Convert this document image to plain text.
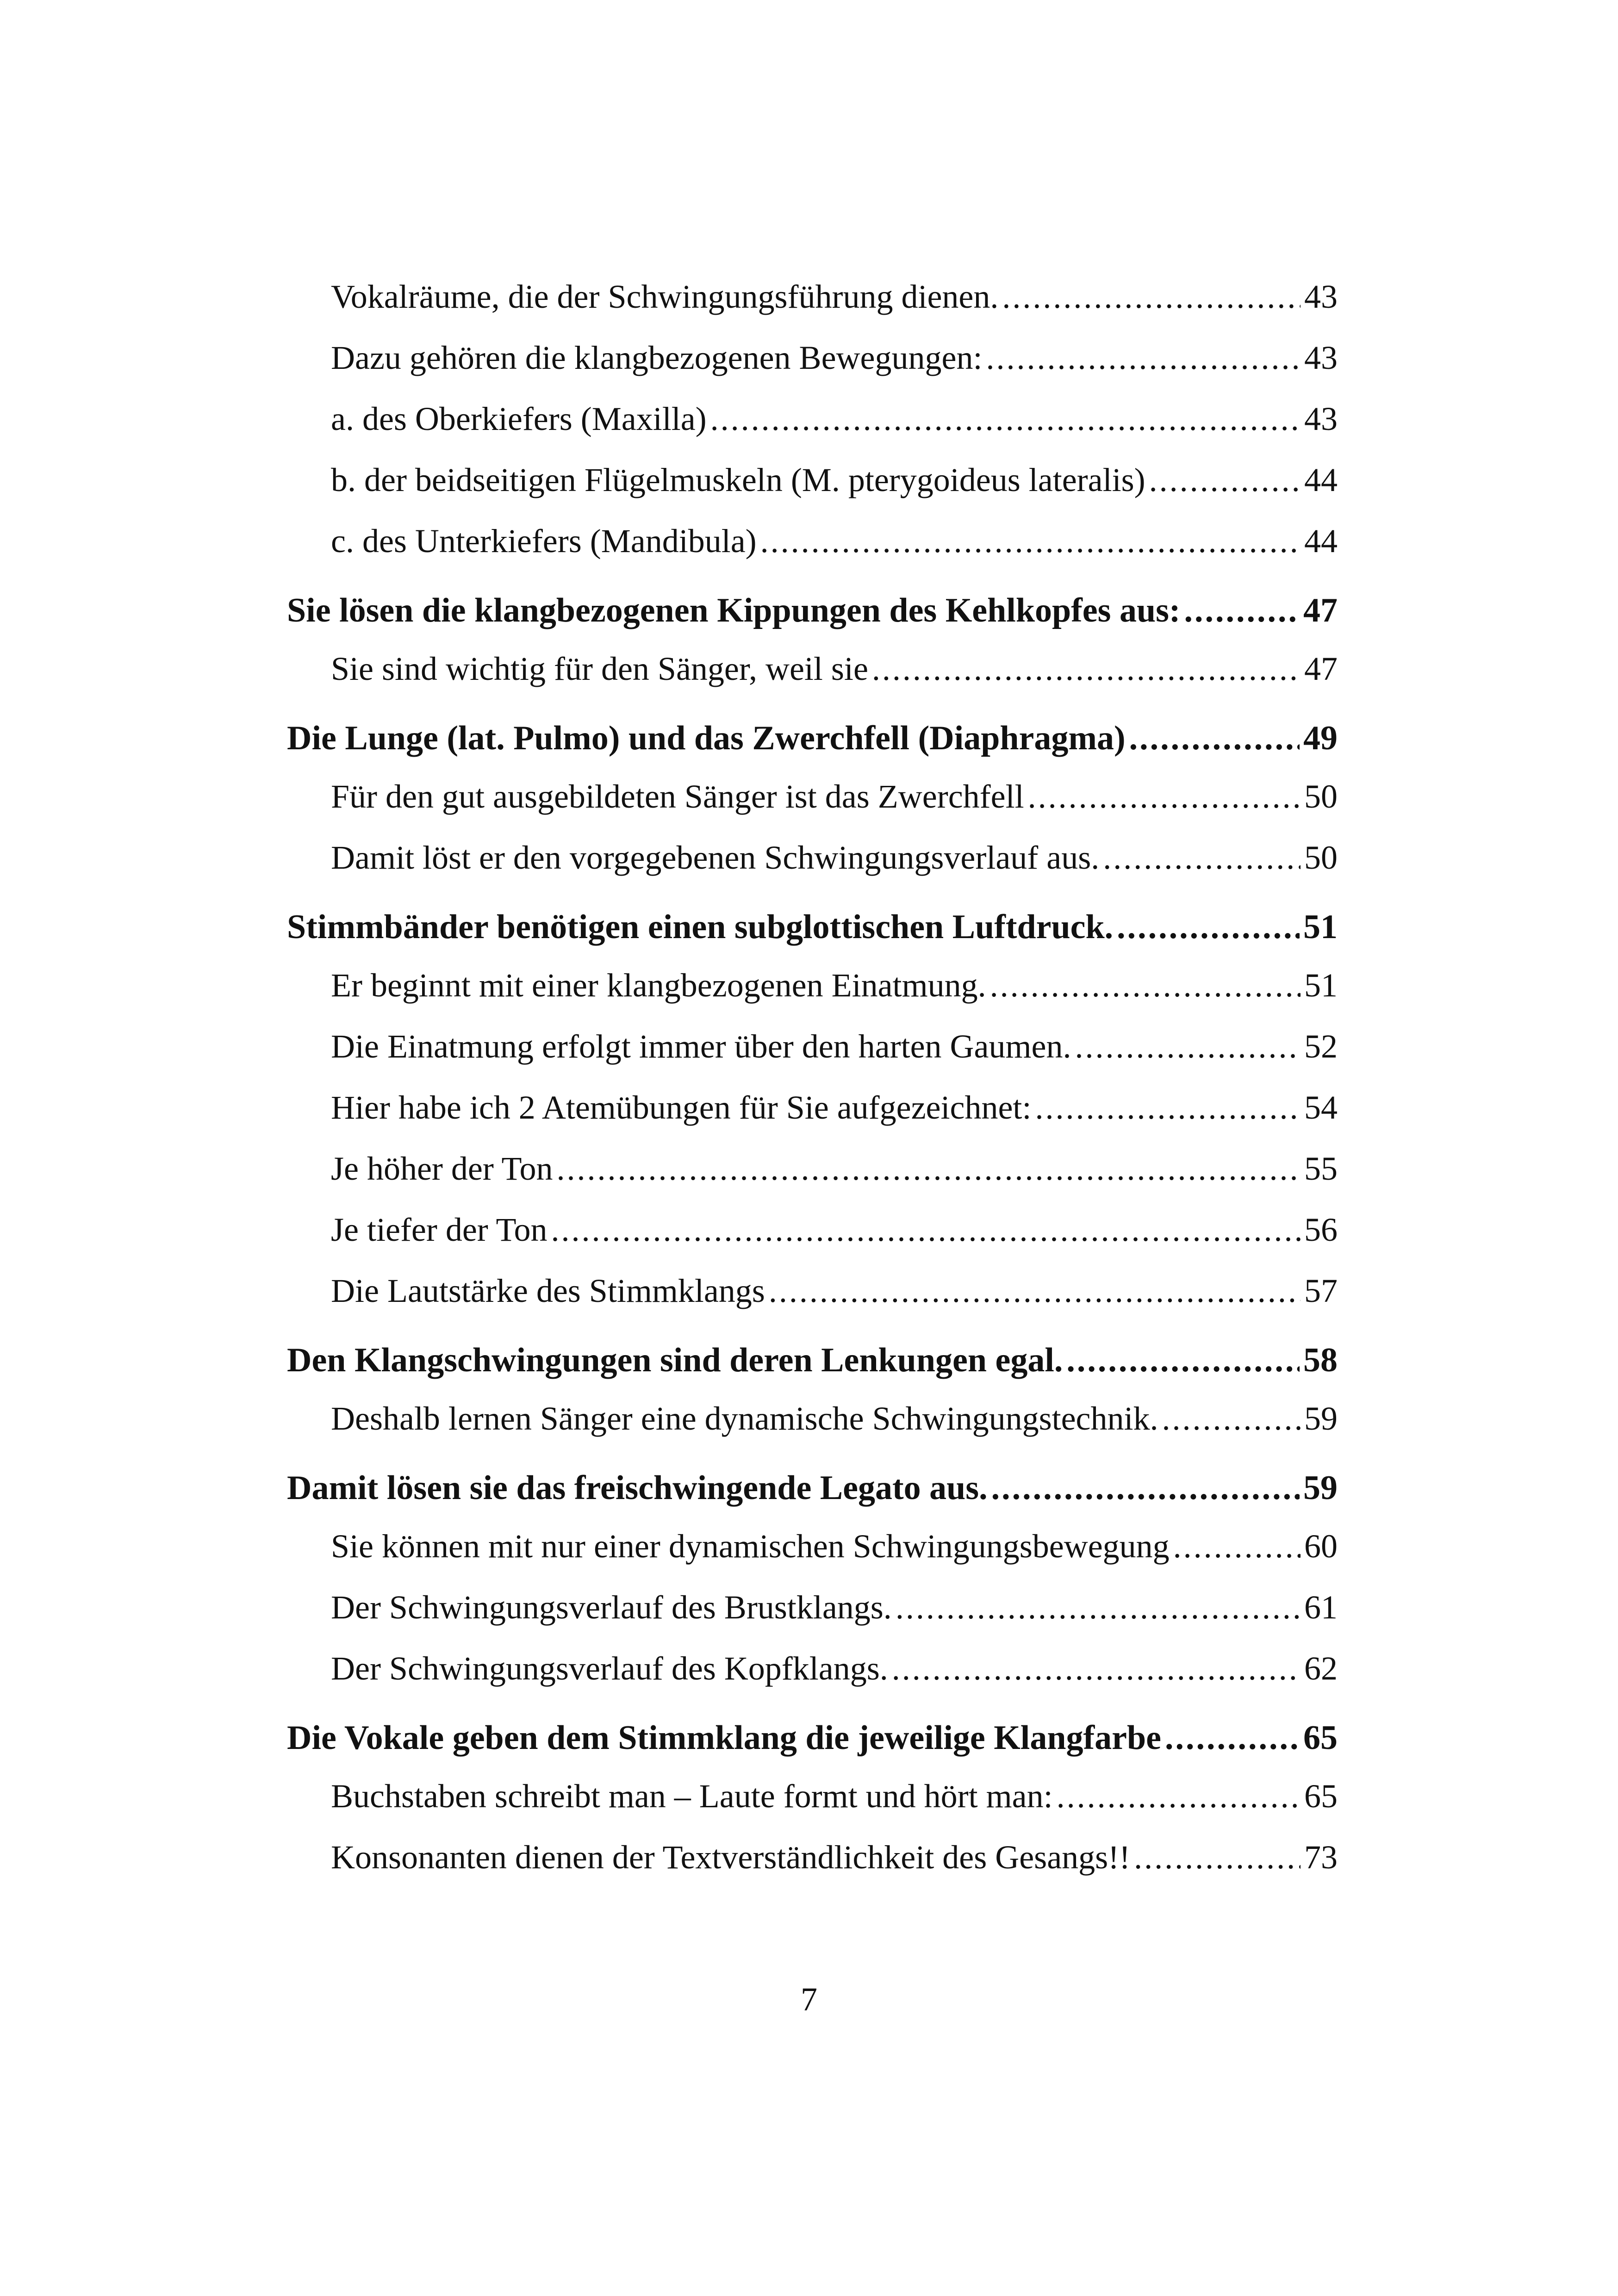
Vokalräume, die der Schwingungsführung dienen. .....	43
Dazu gehören die klangbezogenen Bewegungen: .....	43
a. des Oberkiefers (Maxilla) .....	43
b. der beidseitigen Flügelmuskeln (M. pterygoideus lateralis) .....	44
c. des Unterkiefers (Mandibula) .....	44
Sie lösen die klangbezogenen Kippungen des Kehlkopfes aus: .....	47
Sie sind wichtig für den Sänger, weil sie .....	47
Die Lunge (lat. Pulmo) und das Zwerchfell (Diaphragma) .....	49
Für den gut ausgebildeten Sänger ist das Zwerchfell .....	50
Damit löst er den vorgegebenen Schwingungsverlauf aus. .....	50
Stimmbänder benötigen einen subglottischen Luftdruck. .....	51
Er beginnt mit einer klangbezogenen Einatmung. .....	51
Die Einatmung erfolgt immer über den harten Gaumen. .....	52
Hier habe ich 2 Atemübungen für Sie aufgezeichnet: .....	54
Je höher der Ton .....	55
Je tiefer der Ton .....	56
Die Lautstärke des Stimmklangs .....	57
Den Klangschwingungen sind deren Lenkungen egal. .....	58
Deshalb lernen Sänger eine dynamische Schwingungstechnik. .....	59
Damit lösen sie das freischwingende Legato aus. .....	59
Sie können mit nur einer dynamischen Schwingungsbewegung .....	60
Der Schwingungsverlauf des Brustklangs. .....	61
Der Schwingungsverlauf des Kopfklangs. .....	62
Die Vokale geben dem Stimmklang die jeweilige Klangfarbe .....	65
Buchstaben schreibt man – Laute formt und hört man: .....	65
Konsonanten dienen der Textverständlichkeit des Gesangs!! .....	73
7
